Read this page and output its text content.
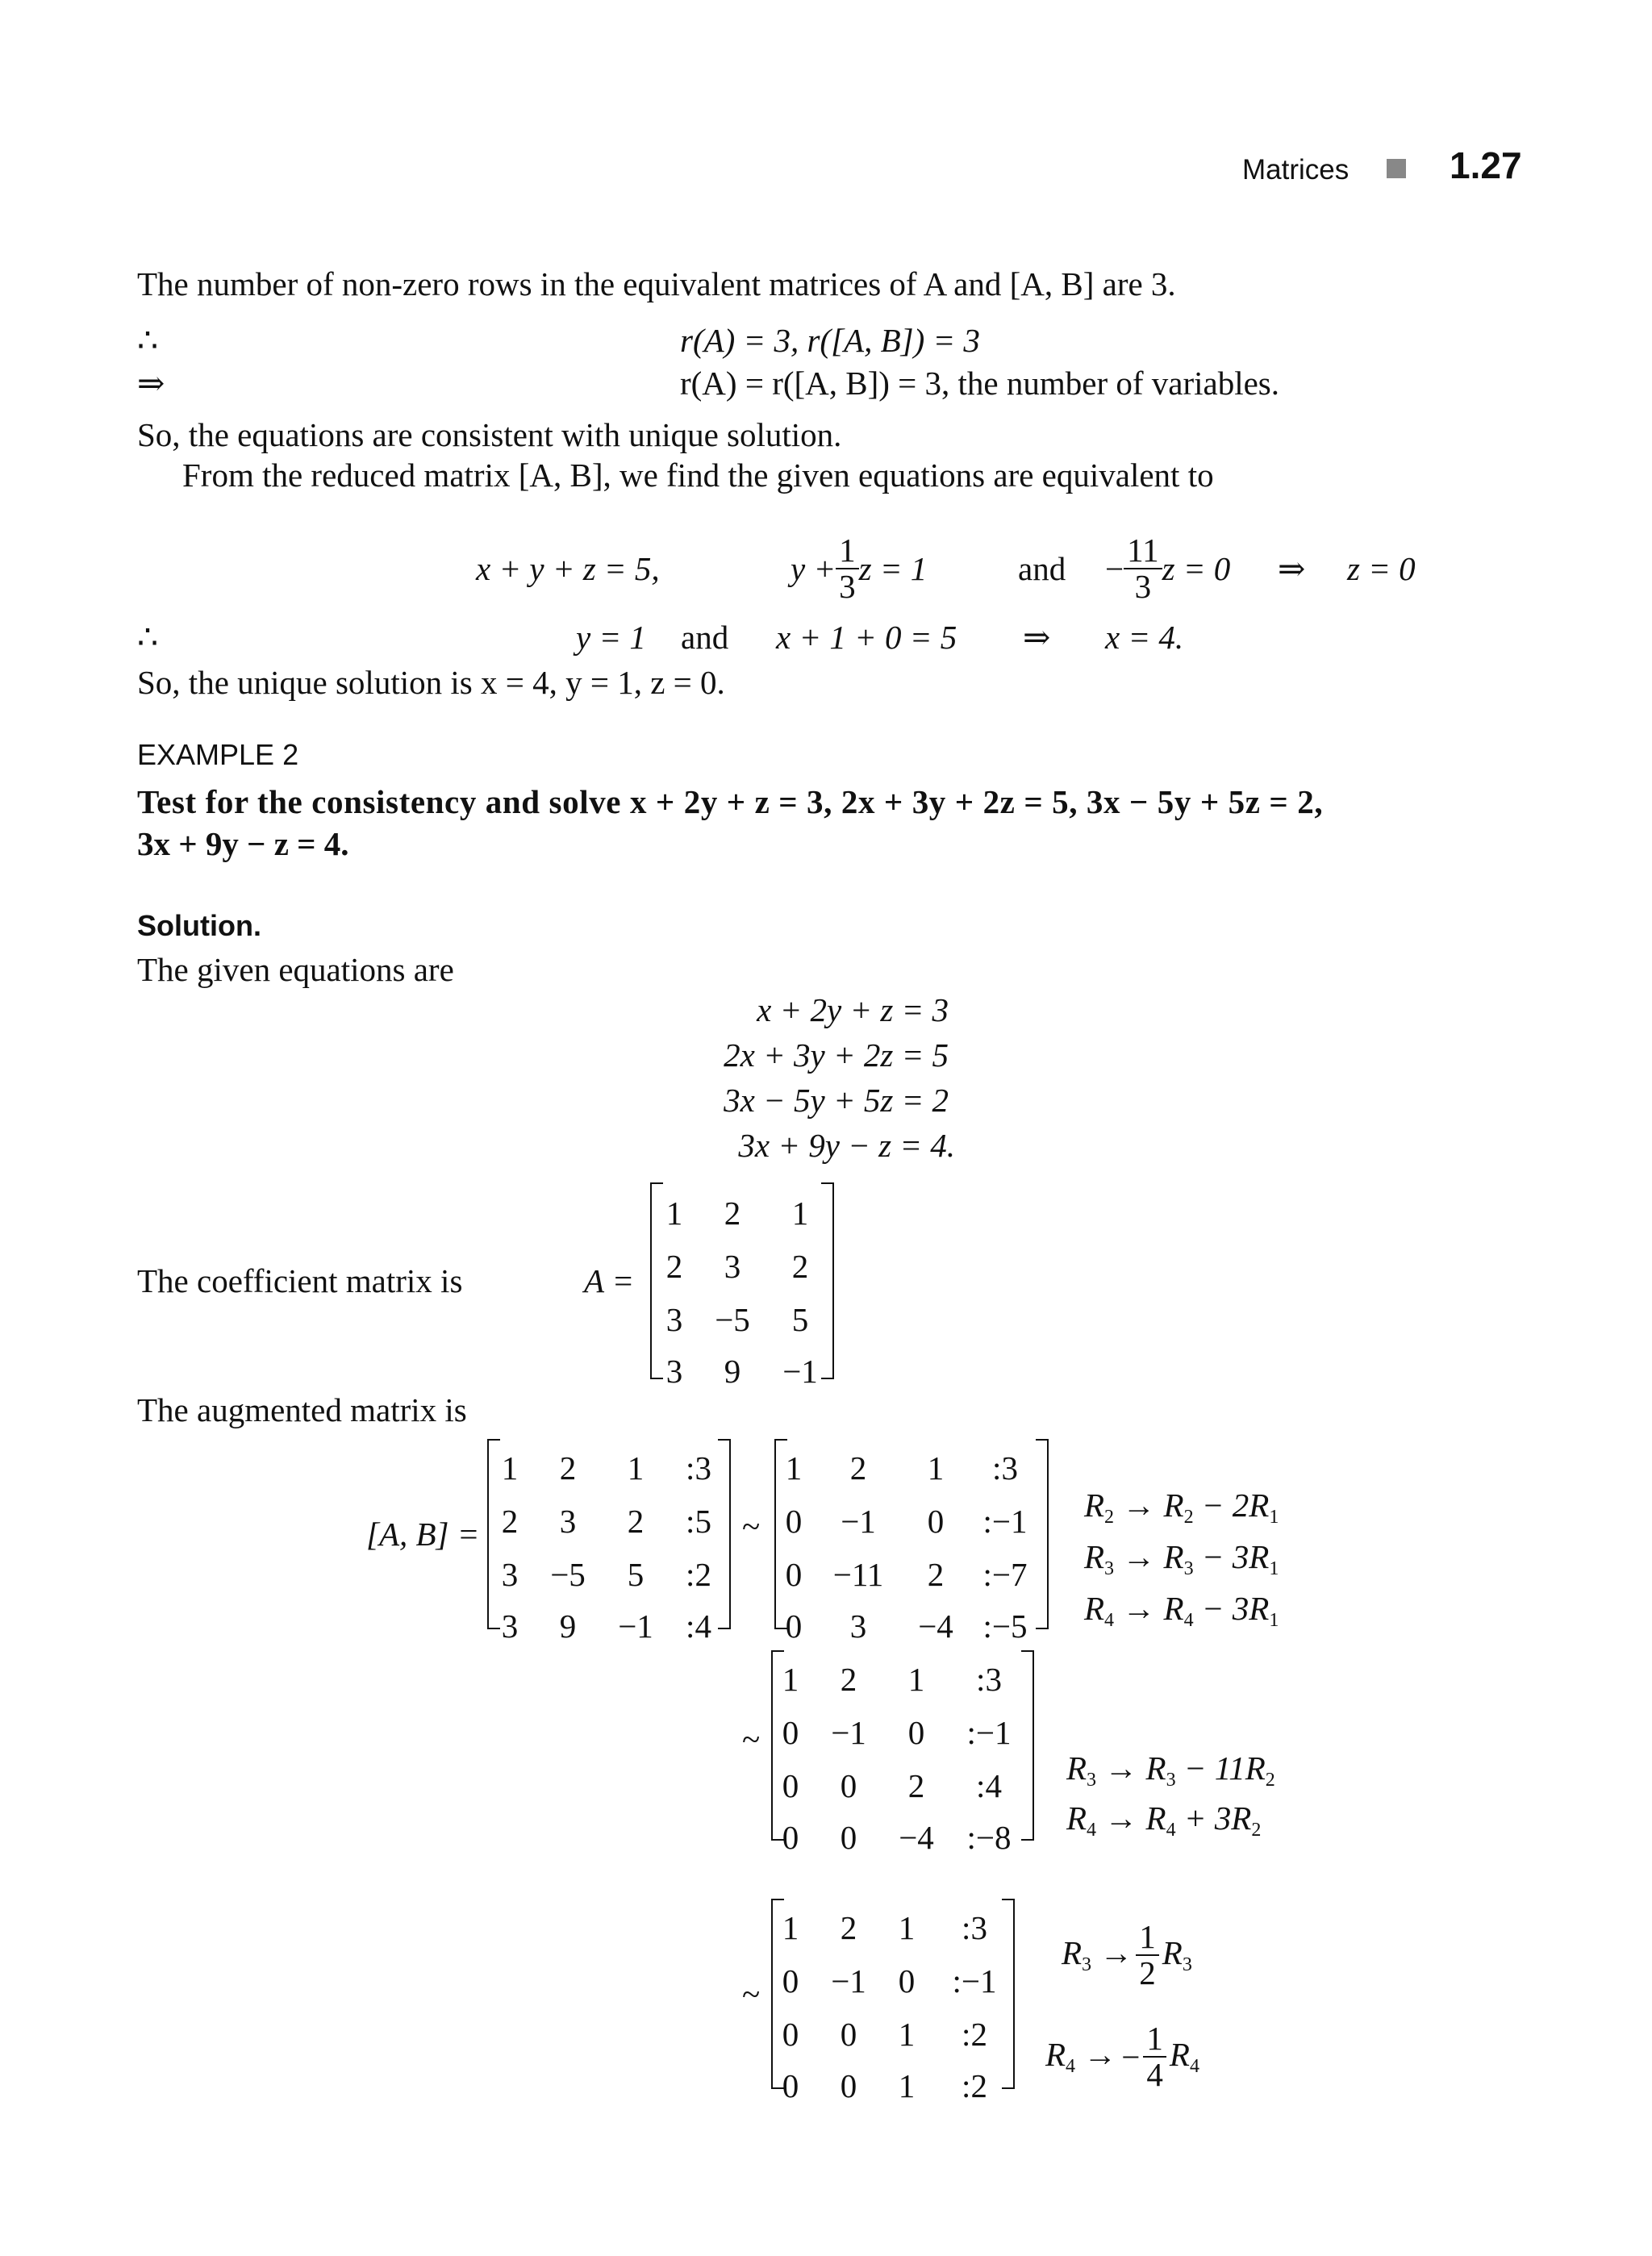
Matrices	1.27
The number of non-zero rows in the equivalent matrices of A and [A, B] are 3.
∴	r(A) = 3, r([A, B]) = 3
⇒	r(A) = r([A, B]) = 3, the number of variables.
So, the equations are consistent with unique solution.
From the reduced matrix [A, B], we find the given equations are equivalent to
x + y + z = 5,	$y + \frac{1}{3}$ z = 1	and − $\frac{11}{3}$ z = 0 ⇒ z = 0
∴	y = 1 and x + 1 + 0 = 5 ⇒ x = 4.
So, the unique solution is x = 4, y = 1, z = 0.
EXAMPLE 2
Test for the consistency and solve x + 2y + z = 3, 2x + 3y + 2z = 5, 3x − 5y + 5z = 2,
3x + 9y − z = 4.
Solution.
The given equations are
x + 2y + z = 3
2x + 3y + 2z = 5
3x − 5y + 5z = 2
3x + 9y − z = 4.
The coefficient matrix is	A =
1 2 1
2 3 2
3 −5 5
3 9 −1
The augmented matrix is
[A, B] =
1 2 1 :3
2 3 2 :5
3 −5 5 :2
3 9 −1 :4
~
1 2 1 :3
0 −1 0 :−1
0 −11 2 :−7
0 3 −4 :−5
$R_2 \to R_2 - 2R_1$
$R_3 \to R_3 - 3R_1$
$R_4 \to R_4 - 3R_1$
~
1 2 1 :3
0 −1 0 :−1
0 0 2 :4
0 0 −4 :−8
$R_3 \to R_3 - 11R_2$
$R_4 \to R_4 + 3R_2$
~
1 2 1 :3
0 −1 0 :−1
0 0 1 :2
0 0 1 :2
$R_3 \to \frac{1}{2} R_3$
$R_4$ → − $\frac{1}{4} R_4$
